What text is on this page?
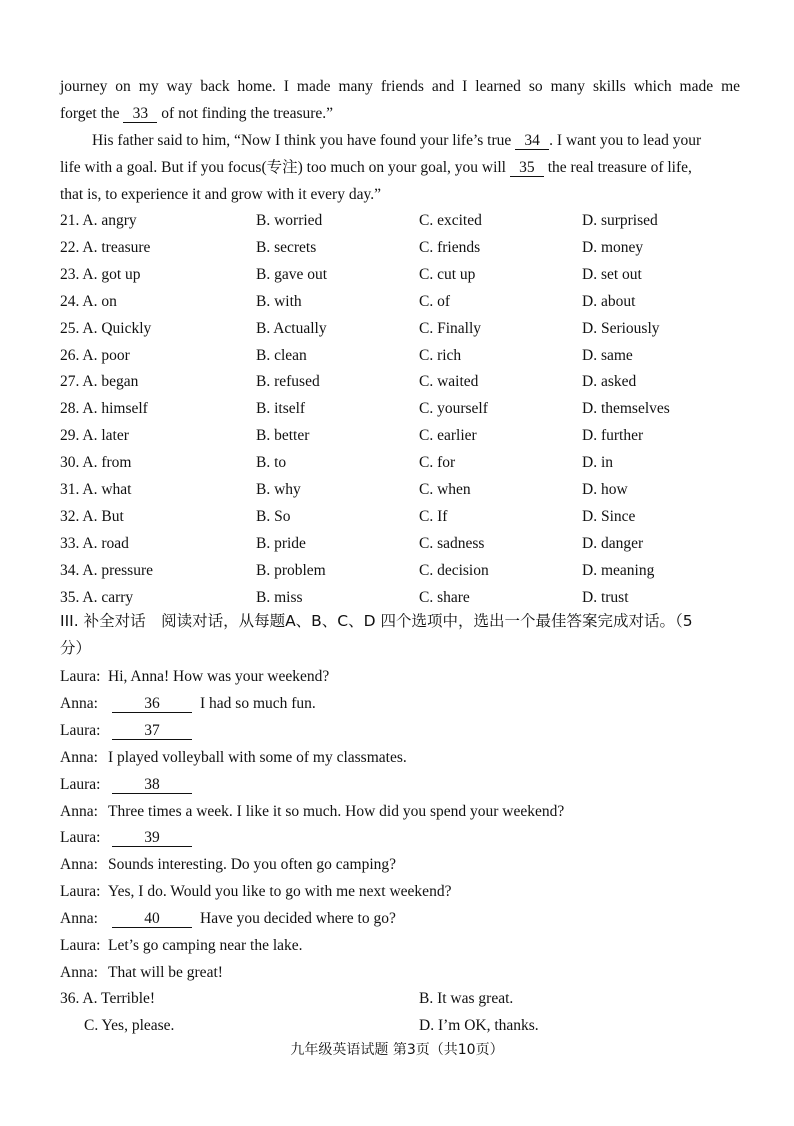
journey on my way back home. I made many friends and I learned so many skills which made me
forget the 33 of not finding the treasure.”
His father said to him, “Now I think you have found your life’s true 34 . I want you to lead your
life with a goal. But if you focus(专注) too much on your goal, you will 35 the real treasure of life,
that is, to experience it and grow with it every day.”
21. A. angry	B. worried	C. excited	D. surprised
22. A. treasure	B. secrets	C. friends	D. money
23. A. got up	B. gave out	C. cut up	D. set out
24. A. on	B. with	C. of	D. about
25. A. Quickly	B. Actually	C. Finally	D. Seriously
26. A. poor	B. clean	C. rich	D. same
27. A. began	B. refused	C. waited	D. asked
28. A. himself	B. itself	C. yourself	D. themselves
29. A. later	B. better	C. earlier	D. further
30. A. from	B. to	C. for	D. in
31. A. what	B. why	C. when	D. how
32. A. But	B. So	C. If	D. Since
33. A. road	B. pride	C. sadness	D. danger
34. A. pressure	B. problem	C. decision	D. meaning
35. A. carry	B. miss	C. share	D. trust
III. 补全对话　阅读对话，从每题A、B、C、D 四个选项中，选出一个最佳答案完成对话。（5
分）
Laura: Hi, Anna! How was your weekend?
Anna:	36	I had so much fun.
Laura:	37
Anna: I played volleyball with some of my classmates.
Laura:	38
Anna: Three times a week. I like it so much. How did you spend your weekend?
Laura:	39
Anna: Sounds interesting. Do you often go camping?
Laura: Yes, I do. Would you like to go with me next weekend?
Anna:	40	Have you decided where to go?
Laura: Let’s go camping near the lake.
Anna: That will be great!
36. A. Terrible!	B. It was great.
C. Yes, please.	D. I’m OK, thanks.
九年级英语试题 第3页（共10页）
